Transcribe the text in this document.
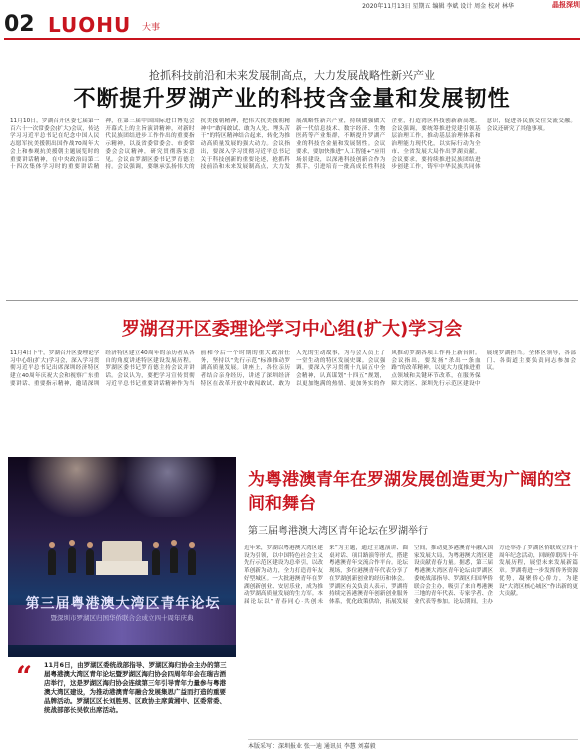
2020年11月13日 星期五 编辑 李斌 设计 周金 校对 林华	晶报深圳
02 LUOHU 大事
抢抓科技前沿和未来发展制高点，大力发展战略性新兴产业
不断提升罗湖产业的科技含金量和发展韧性
11月10日，罗湖召开区委七届第一百六十一次常委会(扩大)会议，传达学习习近平总书记在纪念中国人民志愿军抗美援朝出国作战70周年大会上和参观抗美援朝主题展览时的重要讲话精神，在中央政治局第二十四次集体学习时的重要讲话精神，在第三届中国国际进口博览会开幕式上的主旨演讲精神，对新时代民族团结进步工作作出的重要指示精神，以及省委常委会、市委常委会会议精神，研究贯彻落实意见。会议由罗湖区委书记罗育德主持。会议强调，要继承弘扬伟大的抗美援朝精神，把伟大抗美援朝精神中“敢闯敢试、敢为人先、埋头苦干”的特区精神结合起来，转化为推动高质量发展的强大动力。会议指出，要深入学习贯彻习近平总书记关于科技创新的重要论述，抢抓科技前沿和未来发展制高点，大力发展战略性新兴产业，持续做强做大新一代信息技术、数字经济、生物医药等产业集群，不断提升罗湖产业的科技含金量和发展韧性。会议要求，要加快推进“人工智能+”应用场景建设，以深港科技创新合作为抓手，引进培育一批高成长性科技企业，打造湾区科技创新新高地。会议强调，要统筹推进党建引领基层治理工作，推动基层治理体系和治理能力现代化，以实际行动为全市、全省发展大局作出罗湖贡献。会议要求，要持续推进民族团结进步创建工作，铸牢中华民族共同体意识，促进各民族交往交流交融。会议还研究了其他事项。
罗湖召开区委理论学习中心组(扩大)学习会
11月4日下午，罗湖召开区委理论学习中心组(扩大)学习会，深入学习贯彻习近平总书记出席深圳经济特区建立40周年庆祝大会和视察广东重要讲话、重要指示精神，邀请深圳经济特区建立40周年的亲历者从各自的角度讲述特区建设发展历程。罗湖区委书记罗育德主持会议并讲话。会议认为，要把学习宣传贯彻习近平总书记重要讲话精神作为当前和今后一个时期的重大政治任务，坚持以“先行示范”标准推动罗湖高质量发展。讲座上，各位亲历者结合亲身经历，讲述了深圳经济特区在改革开放中敢闯敢试、敢为人先的生动故事，为与会人员上了一堂生动的特区发展史课。会议强调，要深入学习贯彻十九届五中全会精神，认真谋划“十四五”规划，以更加饱满的热情、更加务实的作风推动罗湖各项工作再上新台阶。会议指出，要发扬“杀出一条血路”的改革精神，以更大力度推进重点领域和关键环节改革，在服务保障大湾区、深圳先行示范区建设中展现罗湖担当。全体区领导，各部门、各街道主要负责同志参加会议。
第三届粤港澳大湾区青年论坛
暨深圳市罗湖区归国华侨联合会成立四十周年庆典
“ 11月6日，由罗湖区委统战部指导、罗湖区海归协会主办的第三届粤港澳大湾区青年论坛暨罗湖区海归协会四周年年会在瑞吉酒店举行，这是罗湖区海归协会连续第三年引导青年力量参与粤港澳大湾区建设，为推动港澳青年融合发展集思广益而打造的重要品牌活动。罗湖区区长刘胜男、区政协主席黄湘中、区委常委、统战部部长吴钦出席活动。
为粤港澳青年在罗湖发展创造更为广阔的空间和舞台
第三届粤港澳大湾区青年论坛在罗湖举行
近年来，罗湖以粤港澳大湾区建设为引领，以中国特色社会主义先行示范区建设为总牵引，以改革创新为动力，全力打造青年友好型城区。一大批港澳青年在罗湖创新创业、安居乐业，成为推动罗湖高质量发展的生力军。本届论坛以“青春同心·共创未来”为主题，通过主题演讲、圆桌对话、项目路演等形式，搭建粤港澳青年交流合作平台。论坛现场，多位港澳青年代表分享了在罗湖创新创业的经历和体会。罗湖区有关负责人表示，罗湖将持续完善港澳青年创新创业服务体系，优化政策供给，拓展发展空间，推动更多港澳青年融入国家发展大局，为粤港澳大湾区建设贡献青春力量。据悉，第三届粤港澳大湾区青年论坛由罗湖区委统战部指导、罗湖区归国华侨联合会主办，吸引了来自粤港澳三地的青年代表、专家学者、企业代表等参加。论坛期间，主办方还举办了罗湖区侨联成立四十周年纪念活动，回顾侨联四十年发展历程，展望未来发展新篇章。罗湖将进一步发挥侨务资源优势，凝聚侨心侨力，为建设“大湾区核心城区”作出新的更大贡献。
本版采写：深圳报业 张一迪 通讯员 李慧 刘嘉毅
